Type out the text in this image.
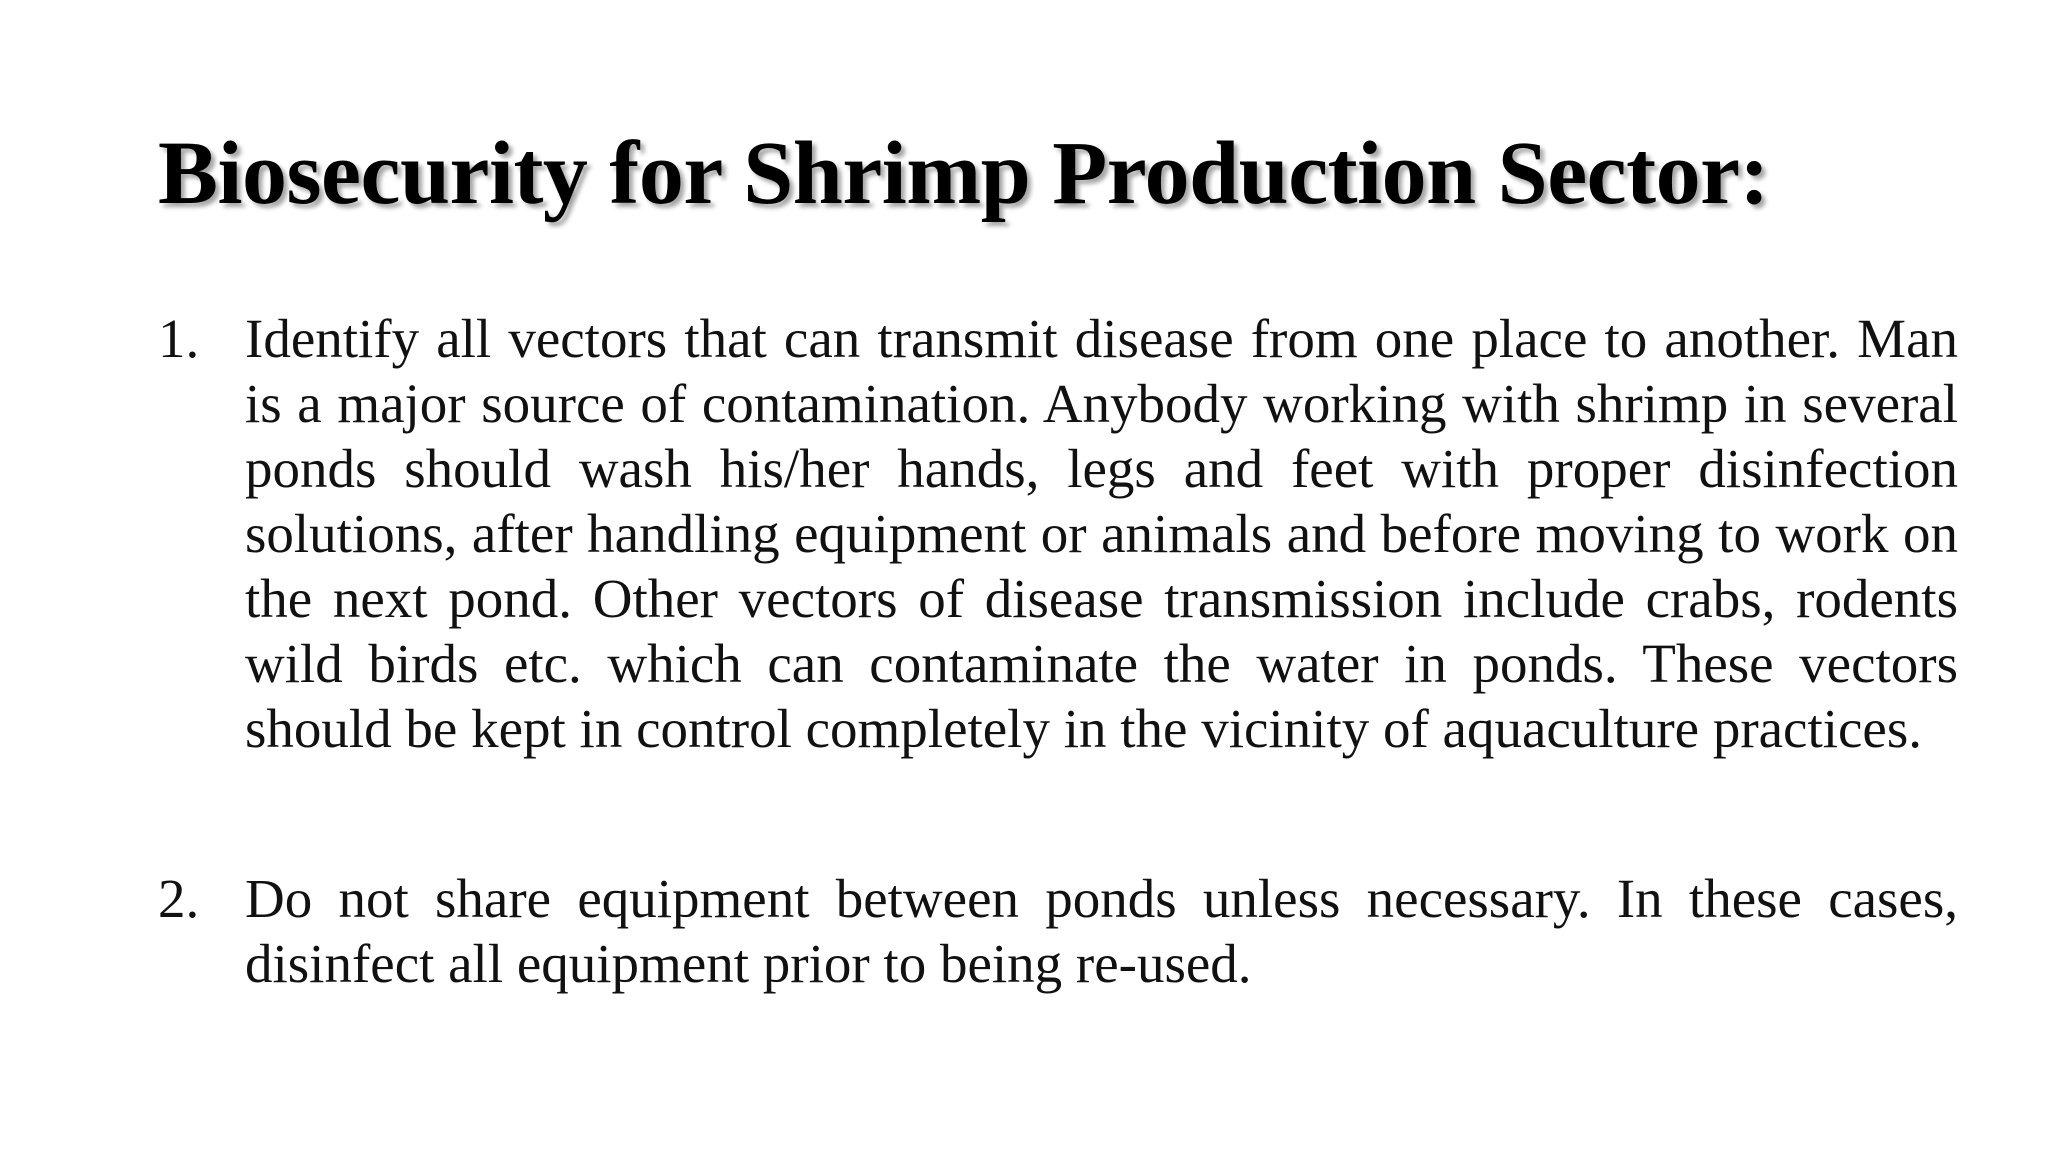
Biosecurity for Shrimp Production Sector:
1. Identify all vectors that can transmit disease from one place to another. Man is a major source of contamination. Anybody working with shrimp in several ponds should wash his/her hands, legs and feet with proper disinfection solutions, after handling equipment or animals and before moving to work on the next pond. Other vectors of disease transmission include crabs, rodents wild birds etc. which can contaminate the water in ponds. These vectors should be kept in control completely in the vicinity of aquaculture practices.
2. Do not share equipment between ponds unless necessary. In these cases, disinfect all equipment prior to being re-used.
